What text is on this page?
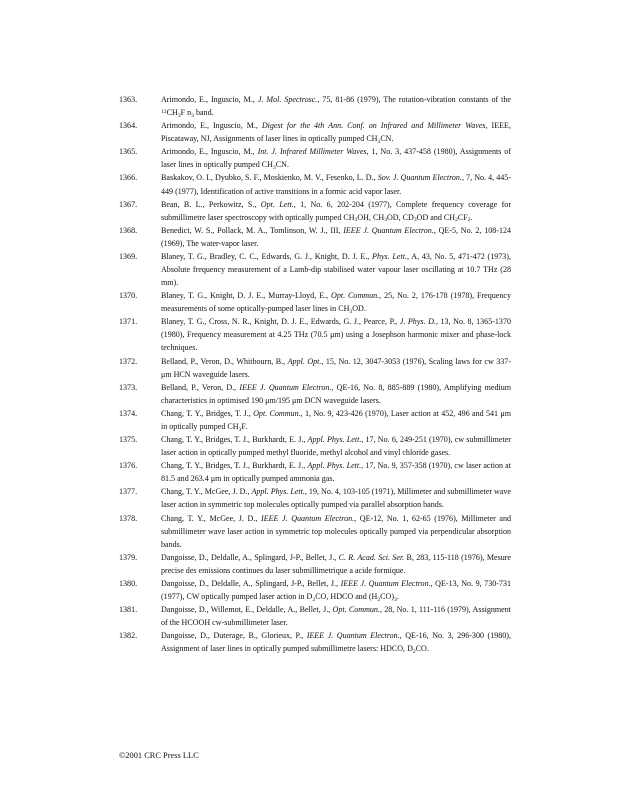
1363.	Arimondo, E., Inguscio, M., J. Mol. Spectrosc., 75, 81-86 (1979), The rotation-vibration constants of the $^{12}CH_3F$ $n_3$ band.
1364.	Arimondo, E., Inguscio, M., Digest for the 4th Ann. Conf. on Infrared and Millimeter Waves, IEEE, Piscataway, NJ, Assignments of laser lines in optically pumped $CH_3CN$.
1365.	Arimondo, E., Inguscio, M., Int. J. Infrared Millimeter Waves, 1, No. 3, 437-458 (1980), Assignments of laser lines in optically pumped $CH_3CN$.
1366.	Baskakov, O. I., Dyubko, S. F., Moskienko, M. V., Fesenko, L. D., Sov. J. Quantum Electron., 7, No. 4, 445-449 (1977), Identification of active transitions in a formic acid vapor laser.
1367.	Bean, B. L., Perkowitz, S., Opt. Lett., 1, No. 6, 202-204 (1977), Complete frequency coverage for submillimetre laser spectroscopy with optically pumped $CH_3OH$, $CH_3OD$, $CD_3OD$ and $CH_2CF_2$.
1368.	Benedict, W. S., Pollack, M. A., Tomlinson, W. J., III, IEEE J. Quantum Electron., QE-5, No. 2, 108-124 (1969), The water-vapor laser.
1369.	Blaney, T. G., Bradley, C. C., Edwards, G. J., Knight, D. J. E., Phys. Lett., A, 43, No. 5, 471-472 (1973), Absolute frequency measurement of a Lamb-dip stabilised water vapour laser oscillating at 10.7 THz (28 mm).
1370.	Blaney, T. G., Knight, D. J. E., Murray-Lloyd, E., Opt. Commun., 25, No. 2, 176-178 (1978), Frequency measurements of some optically-pumped laser lines in $CH_3OD$.
1371.	Blaney, T. G., Cross, N. R., Knight, D. J. E., Edwards, G. J., Pearce, P., J. Phys. D., 13, No. 8, 1365-1370 (1980), Frequency measurement at 4.25 THz (70.5 μm) using a Josephson harmonic mixer and phase-lock techniques.
1372.	Belland, P., Veron, D., Whitbourn, B., Appl. Opt., 15, No. 12, 3047-3053 (1976), Scaling laws for cw 337-μm HCN waveguide lasers.
1373.	Belland, P., Veron, D., IEEE J. Quantum Electron., QE-16, No. 8, 885-889 (1980), Amplifying medium characteristics in optimised 190 μm/195 μm DCN waveguide lasers.
1374.	Chang, T. Y., Bridges, T. J., Opt. Commun., 1, No. 9, 423-426 (1970), Laser action at 452, 496 and 541 μm in optically pumped $CH_3F$.
1375.	Chang, T. Y., Bridges, T. J., Burkhardt, E. J., Appl. Phys. Lett., 17, No. 6, 249-251 (1970), cw submillimeter laser action in optically pumped methyl fluoride, methyl alcohol and vinyl chloride gases.
1376.	Chang, T. Y., Bridges, T. J., Burkhardt, E. J., Appl. Phys. Lett., 17, No. 9, 357-358 (1970), cw laser action at 81.5 and 263.4 μm in optically pumped ammonia gas.
1377.	Chang, T. Y., McGee, J. D., Appl. Phys. Lett., 19, No. 4, 103-105 (1971), Millimeter and submillimeter wave laser action in symmetric top molecules optically pumped via parallel absorption bands.
1378.	Chang, T. Y., McGee, J. D., IEEE J. Quantum Electron., QE-12, No. 1, 62-65 (1976), Millimeter and submillimeter wave laser action in symmetric top molecules optically pumped via perpendicular absorption bands.
1379.	Dangoisse, D., Deldalle, A., Splingard, J-P., Bellet, J., C. R. Acad. Sci. Ser. B, 283, 115-118 (1976), Mesure precise des emissions continues du laser submillimetrique a acide formique.
1380.	Dangoisse, D., Deldalle, A., Splingard, J-P., Bellet, J., IEEE J. Quantum Electron., QE-13, No. 9, 730-731 (1977), CW optically pumped laser action in $D_2CO$, HDCO and $(H_2CO)_3$.
1381.	Dangoisse, D., Willemot, E., Deldalle, A., Bellet, J., Opt. Commun., 28, No. 1, 111-116 (1979), Assignment of the HCOOH cw-submillimeter laser.
1382.	Dangoisse, D., Duterage, B., Glorieux, P., IEEE J. Quantum Electron., QE-16, No. 3, 296-300 (1980), Assignment of laser lines in optically pumped submillimetre lasers: HDCO, $D_2CO$.
©2001 CRC Press LLC
